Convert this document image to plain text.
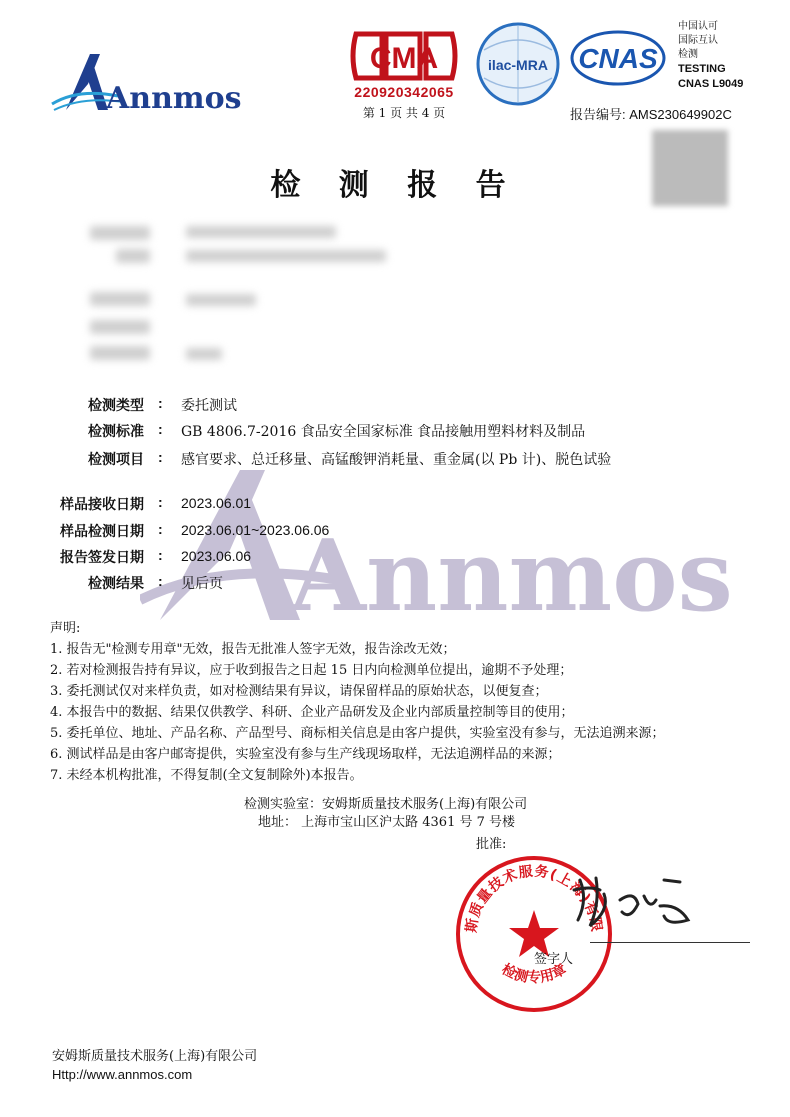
Annmos
CMA
220920342065
第 1 页 共 4 页
ilac-MRA CNAS
中国认可
国际互认
检测
TESTING
CNAS L9049
报告编号: AMS230649902C
检 测 报 告
Annmos
检测类型 : 委托测试
检测标准 : GB 4806.7-2016 食品安全国家标准 食品接触用塑料材料及制品
检测项目 : 感官要求、总迁移量、高锰酸钾消耗量、重金属(以 Pb 计)、脱色试验
样品接收日期 : 2023.06.01
样品检测日期 : 2023.06.01~2023.06.06
报告签发日期 : 2023.06.06
检测结果 : 见后页
声明:
1. 报告无"检测专用章"无效，报告无批准人签字无效，报告涂改无效；
2. 若对检测报告持有异议，应于收到报告之日起 15 日内向检测单位提出，逾期不予处理；
3. 委托测试仅对来样负责，如对检测结果有异议，请保留样品的原始状态，以便复查；
4. 本报告中的数据、结果仅供教学、科研、企业产品研发及企业内部质量控制等目的使用；
5. 委托单位、地址、产品名称、产品型号、商标相关信息是由客户提供，实验室没有参与，无法追溯来源；
6. 测试样品是由客户邮寄提供，实验室没有参与生产线现场取样，无法追溯样品的来源；
7. 未经本机构批准，不得复制(全文复制除外)本报告。
检测实验室：安姆斯质量技术服务(上海)有限公司
地址： 上海市宝山区沪太路 4361 号 7 号楼
批准:
斯质量技术服务(上海)有限
检测专用章
签字人
安姆斯质量技术服务(上海)有限公司
Http://www.annmos.com
